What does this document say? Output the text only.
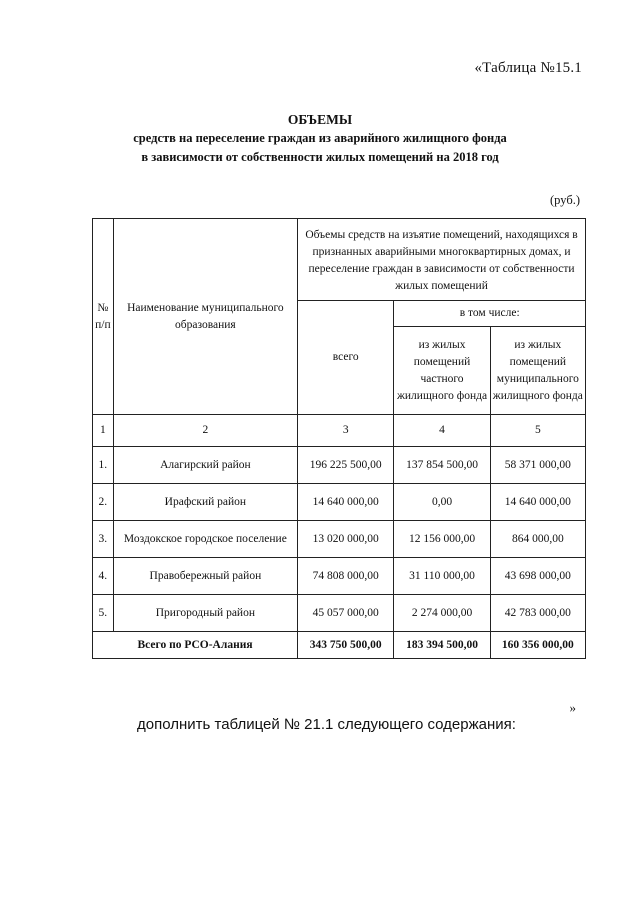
«Таблица №15.1
ОБЪЕМЫ
средств на переселение граждан из аварийного жилищного фонда
в зависимости от собственности жилых помещений на 2018 год
(руб.)
№ п/п	Наименование муниципального образования	Объемы средств на изъятие помещений, находящихся в признанных аварийными многоквартирных домах, и переселение граждан в зависимости от собственности жилых помещений		
		всего	в том числе:	
			из жилых помещений частного жилищного фонда	из жилых помещений муниципального жилищного фонда
1	2	3	4	5
1.	Алагирский район	196 225 500,00	137 854 500,00	58 371 000,00
2.	Ирафский район	14 640 000,00	0,00	14 640 000,00
3.	Моздокское городское поселение	13 020 000,00	12 156 000,00	864 000,00
4.	Правобережный район	74 808 000,00	31 110 000,00	43 698 000,00
5.	Пригородный район	45 057 000,00	2 274 000,00	42 783 000,00
Всего по РСО-Алания		343 750 500,00	183 394 500,00	160 356 000,00
»
дополнить таблицей № 21.1 следующего содержания:
